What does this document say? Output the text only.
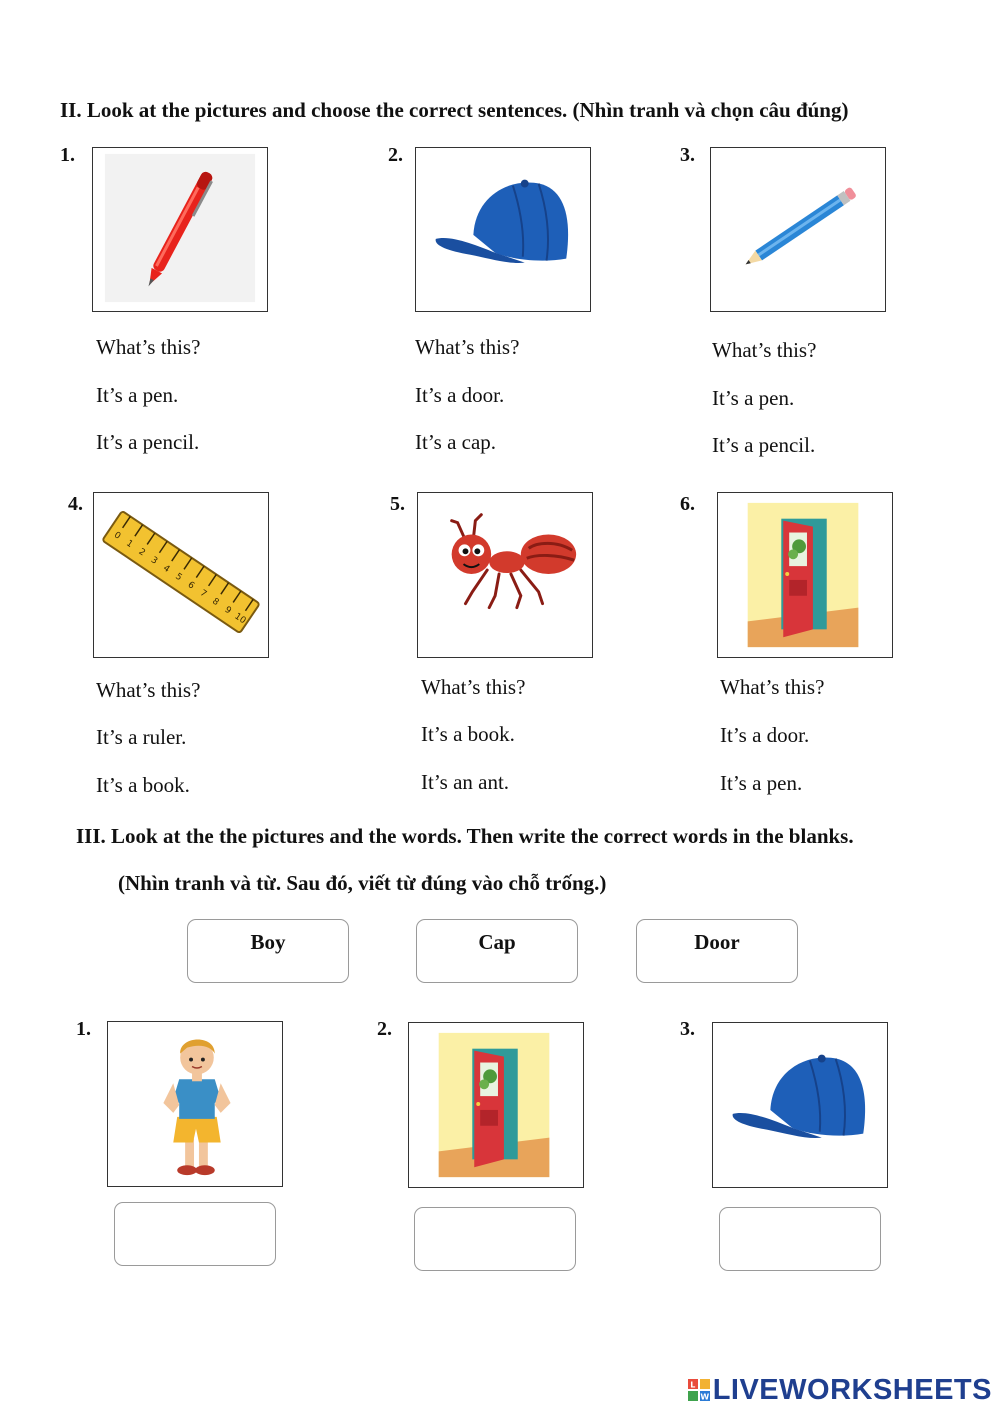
II. Look at the pictures and choose the correct sentences. (Nhìn tranh và chọn câu đúng)
1.
What’s this?
It’s a pen.
It’s a pencil.
2.
What’s this?
It’s a door.
It’s a cap.
3.
What’s this?
It’s a pen.
It’s a pencil.
4.
0
1
2
3
4
5
6
7
8
9
10
What’s this?
It’s a ruler.
It’s a book.
5.
What’s this?
It’s a book.
It’s an ant.
6.
What’s this?
It’s a door.
It’s a pen.
III. Look at the the pictures and the words. Then write the correct words in the blanks.
(Nhìn tranh và từ. Sau đó, viết từ đúng vào chỗ trống.)
Boy	Cap	Door
1.	2.	3.
L
W LIVEWORKSHEETS
